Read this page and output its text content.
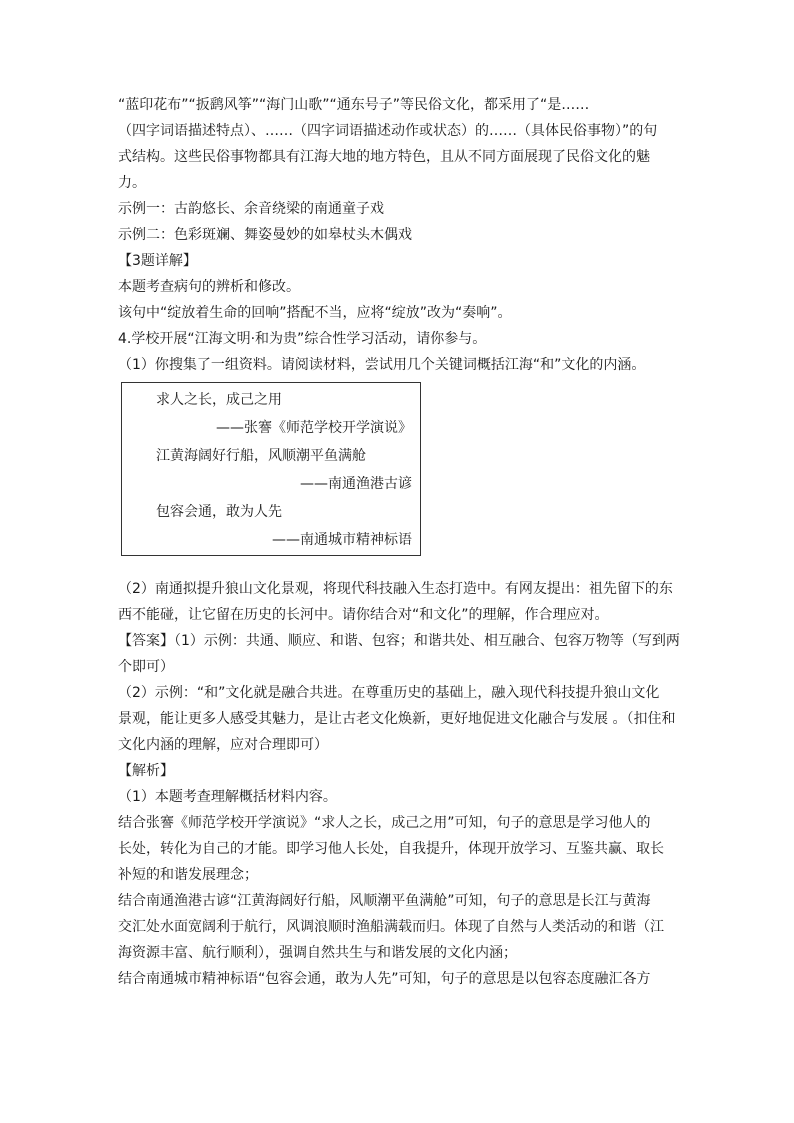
“蓝印花布”“扳鹞风筝”“海门山歌”“通东号子”等民俗文化，都采用了“是……
（四字词语描述特点）、……（四字词语描述动作或状态）的……（具体民俗事物）”的句
式结构。这些民俗事物都具有江海大地的地方特色，且从不同方面展现了民俗文化的魅
力。
示例一：古韵悠长、余音绕梁的南通童子戏
示例二：色彩斑斓、舞姿曼妙的如皋杖头木偶戏
【3题详解】
本题考查病句的辨析和修改。
该句中“绽放着生命的回响”搭配不当，应将“绽放”改为“奏响”。
4.学校开展“江海文明·和为贵”综合性学习活动，请你参与。
（1）你搜集了一组资料。请阅读材料，尝试用几个关键词概括江海“和”文化的内涵。
求人之长，成己之用
——张謇《师范学校开学演说》
江黄海阔好行船，风顺潮平鱼满舱
——南通渔港古谚
包容会通，敢为人先
——南通城市精神标语
（2）南通拟提升狼山文化景观，将现代科技融入生态打造中。有网友提出：祖先留下的东
西不能碰，让它留在历史的长河中。请你结合对“和文化”的理解，作合理应对。
【答案】（1）示例：共通、顺应、和谐、包容；和谐共处、相互融合、包容万物等（写到两
个即可）
（2）示例：“和”文化就是融合共进。在尊重历史的基础上，融入现代科技提升狼山文化
景观，能让更多人感受其魅力，是让古老文化焕新，更好地促进文化融合与发展 。（扣住和
文化内涵的理解，应对合理即可）
【解析】
（1）本题考查理解概括材料内容。
结合张謇《师范学校开学演说》“求人之长，成己之用”可知，句子的意思是学习他人的
长处，转化为自己的才能。即学习他人长处，自我提升，体现开放学习、互鉴共赢、取长
补短的和谐发展理念；
结合南通渔港古谚“江黄海阔好行船，风顺潮平鱼满舱”可知，句子的意思是长江与黄海
交汇处水面宽阔利于航行，风调浪顺时渔船满载而归。体现了自然与人类活动的和谐（江
海资源丰富、航行顺利），强调自然共生与和谐发展的文化内涵；
结合南通城市精神标语“包容会通，敢为人先”可知，句子的意思是以包容态度融汇各方
